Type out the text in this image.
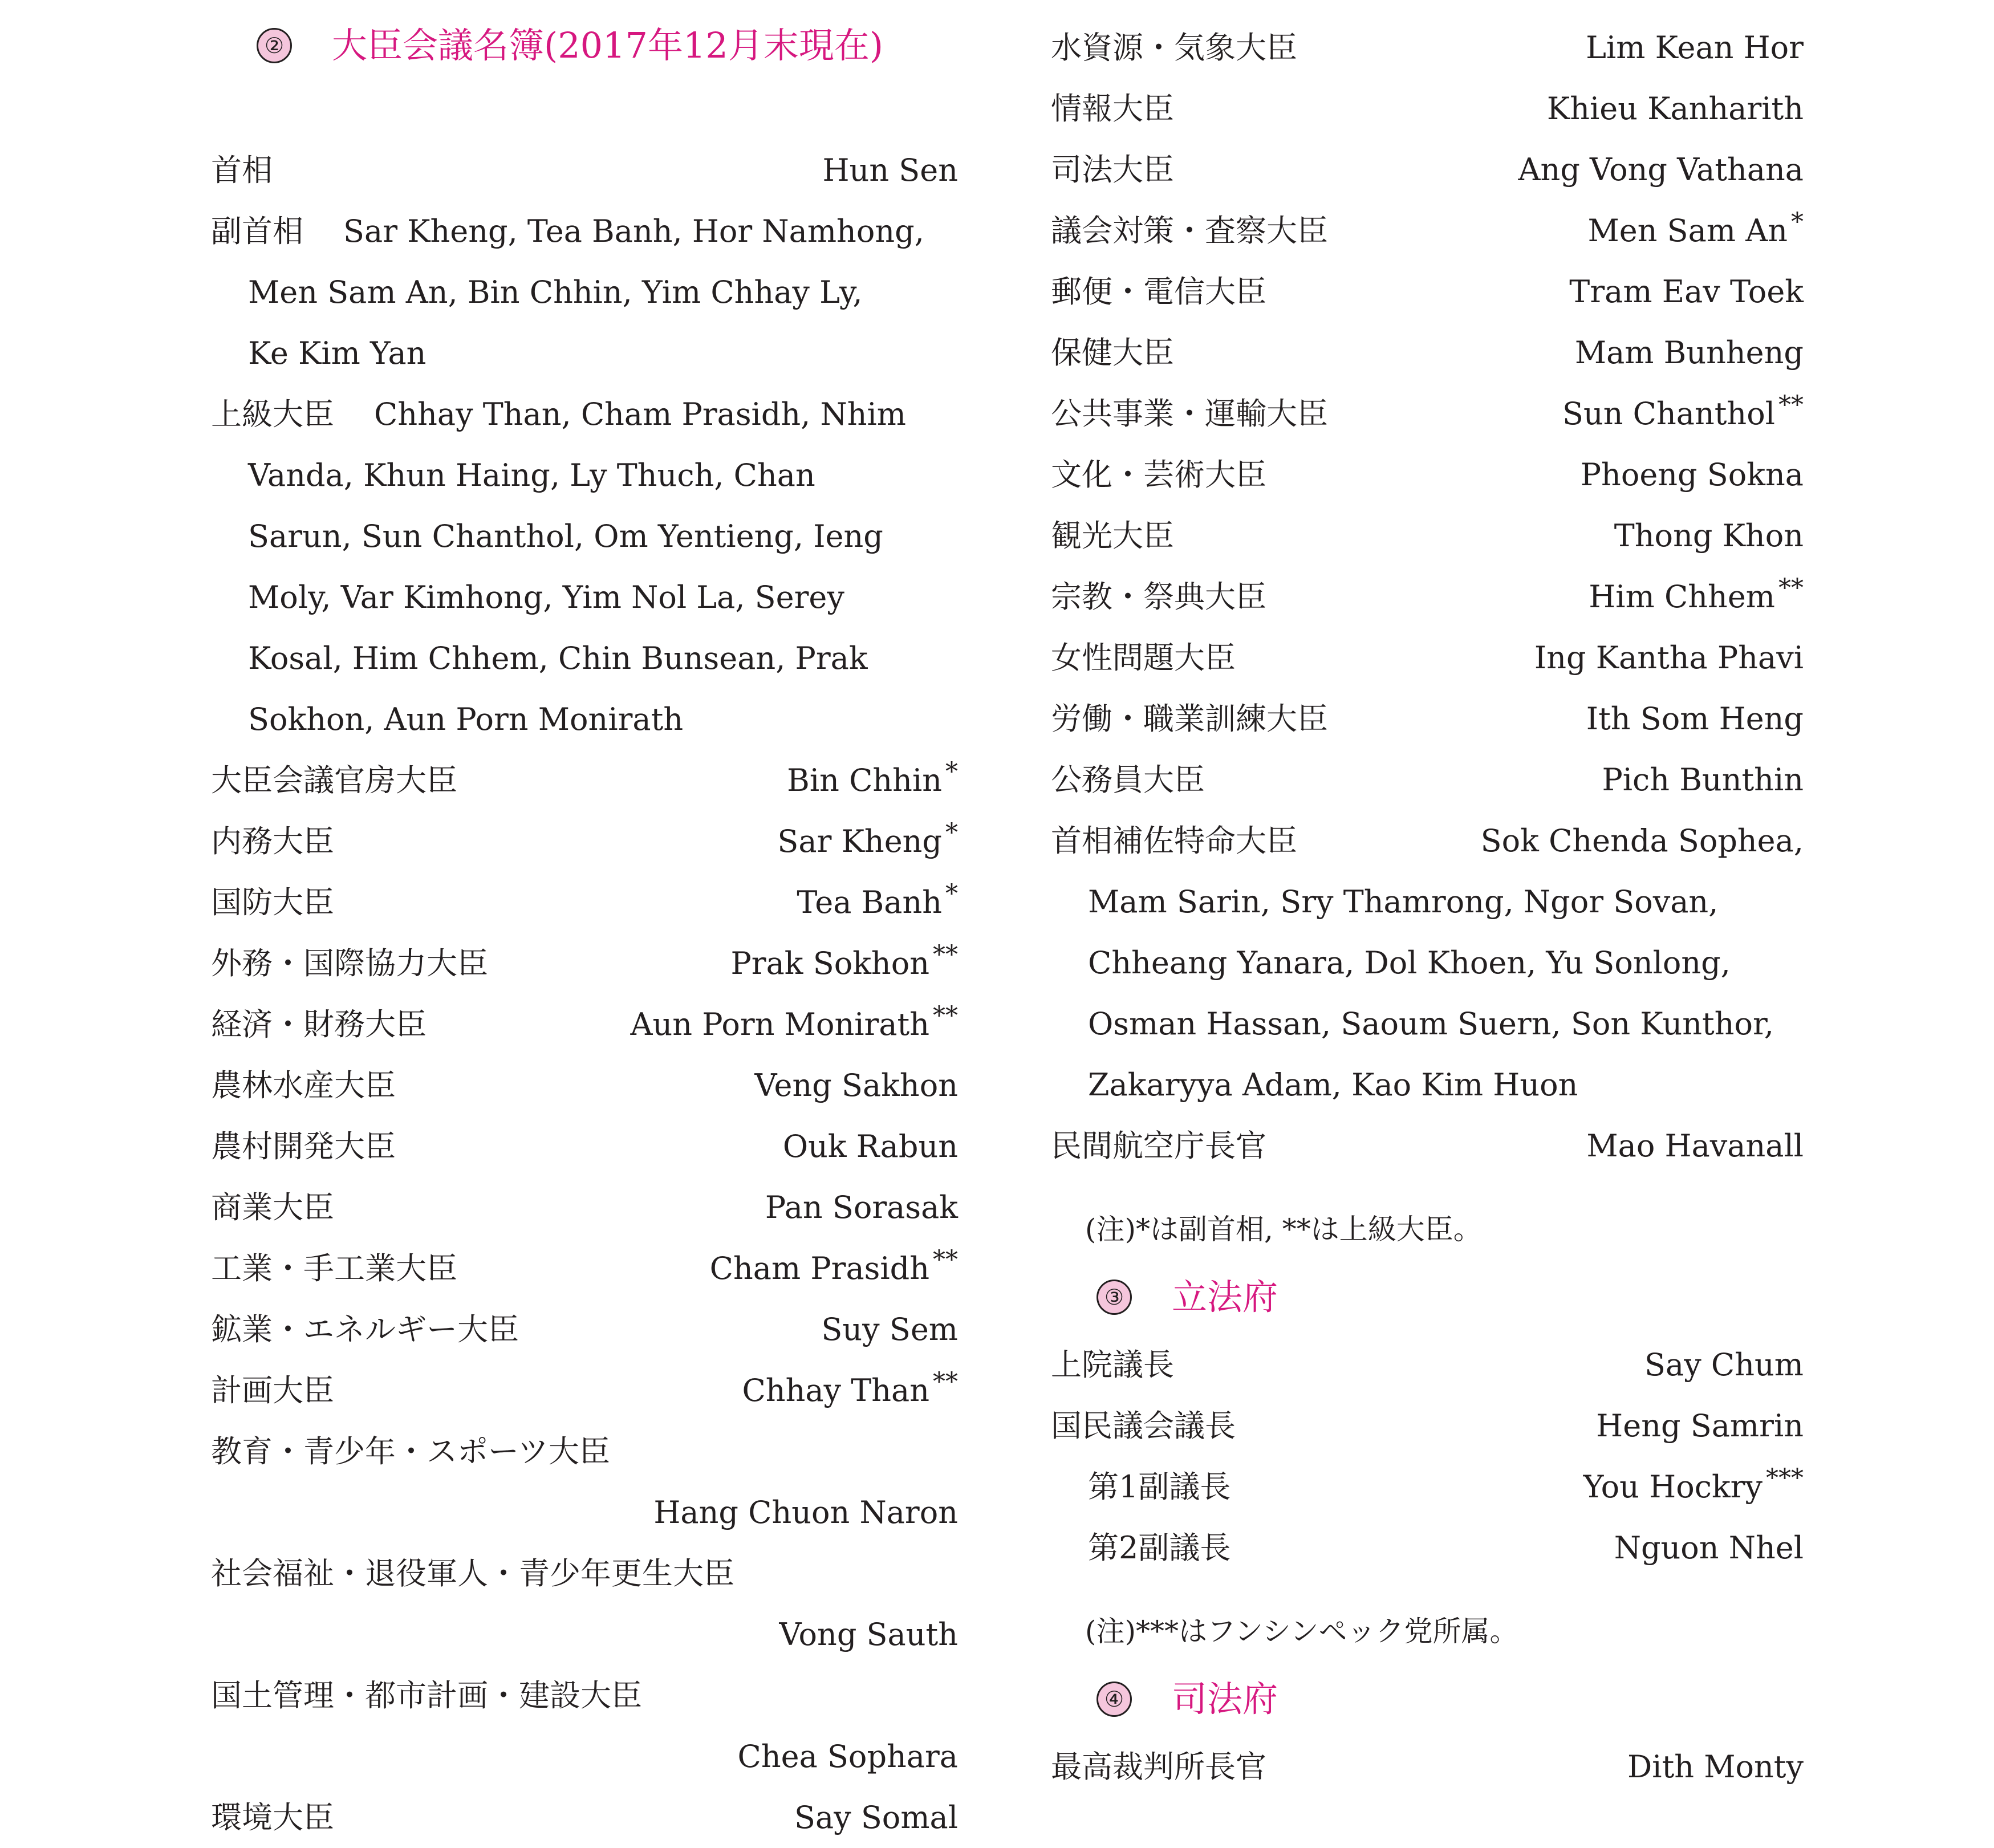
② 大臣会議名簿(2017年12月末現在)
首相	Hun Sen
副首相 Sar Kheng, Tea Banh, Hor Namhong,
Men Sam An, Bin Chhin, Yim Chhay Ly,
Ke Kim Yan
上級大臣 Chhay Than, Cham Prasidh, Nhim
Vanda, Khun Haing, Ly Thuch, Chan
Sarun, Sun Chanthol, Om Yentieng, Ieng
Moly, Var Kimhong, Yim Nol La, Serey
Kosal, Him Chhem, Chin Bunsean, Prak
Sokhon, Aun Porn Monirath
大臣会議官房大臣	Bin Chhin *
内務大臣	Sar Kheng *
国防大臣	Tea Banh *
外務・国際協力大臣	Prak Sokhon **
経済・財務大臣	Aun Porn Monirath **
農林水産大臣	Veng Sakhon
農村開発大臣	Ouk Rabun
商業大臣	Pan Sorasak
工業・手工業大臣	Cham Prasidh **
鉱業・エネルギー大臣	Suy Sem
計画大臣	Chhay Than **
教育・青少年・スポーツ大臣
Hang Chuon Naron
社会福祉・退役軍人・青少年更生大臣
Vong Sauth
国土管理・都市計画・建設大臣
Chea Sophara
環境大臣	Say Somal
水資源・気象大臣	Lim Kean Hor
情報大臣	Khieu Kanharith
司法大臣	Ang Vong Vathana
議会対策・査察大臣	Men Sam An *
郵便・電信大臣	Tram Eav Toek
保健大臣	Mam Bunheng
公共事業・運輸大臣	Sun Chanthol **
文化・芸術大臣	Phoeng Sokna
観光大臣	Thong Khon
宗教・祭典大臣	Him Chhem **
女性問題大臣	Ing Kantha Phavi
労働・職業訓練大臣	Ith Som Heng
公務員大臣	Pich Bunthin
首相補佐特命大臣	Sok Chenda Sophea,
Mam Sarin, Sry Thamrong, Ngor Sovan,
Chheang Yanara, Dol Khoen, Yu Sonlong,
Osman Hassan, Saoum Suern, Son Kunthor,
Zakaryya Adam, Kao Kim Huon
民間航空庁長官	Mao Havanall
(注)*は副首相, **は上級大臣。
③ 立法府
上院議長	Say Chum
国民議会議長	Heng Samrin
第1副議長	You Hockry ***
第2副議長	Nguon Nhel
(注)***はフンシンペック党所属。
④ 司法府
最高裁判所長官	Dith Monty
